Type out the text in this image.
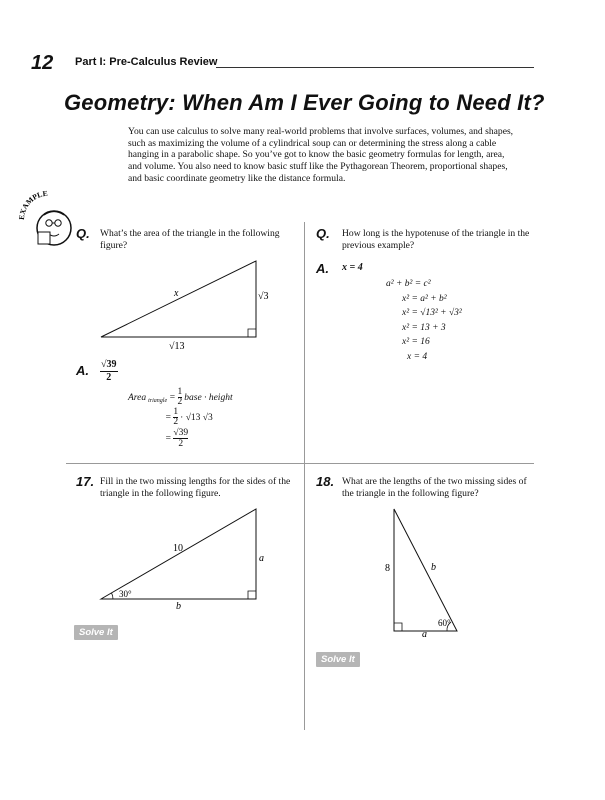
12 Part I: Pre-Calculus Review
Geometry: When Am I Ever Going to Need It?

You can use calculus to solve many real-world problems that involve surfaces, volumes, and shapes, such as maximizing the volume of a cylindrical soup can or determining the stress along a cable hanging in a parabolic shape. So you’ve got to know the basic geometry formulas for length, area, and volume. You also need to know basic stuff like the Pythagorean Theorem, proportional shapes, and basic coordinate geometry like the distance formula.

EXAMPLE
Q. What’s the area of the triangle in the following figure?
x	√3
√13
A. $\frac{√39}{2}$
Area $_{triangle} = \frac{1}{2}$ base · height
= $\frac{1}{2} \cdot √13$ √3
= $\frac{√39}{2}$
Q. How long is the hypotenuse of the triangle in the previous example?
A. x = 4
a² + b² = c²
x² = a² + b²
x² = √13² + √3²
x² = 13 + 3
x² = 16
x = 4
17. Fill in the two missing lengths for the sides of the triangle in the following figure.
10
a
b
30°
Solve It
18. What are the lengths of the two missing sides of the triangle in the following figure?
8	b
a
60°
Solve It
